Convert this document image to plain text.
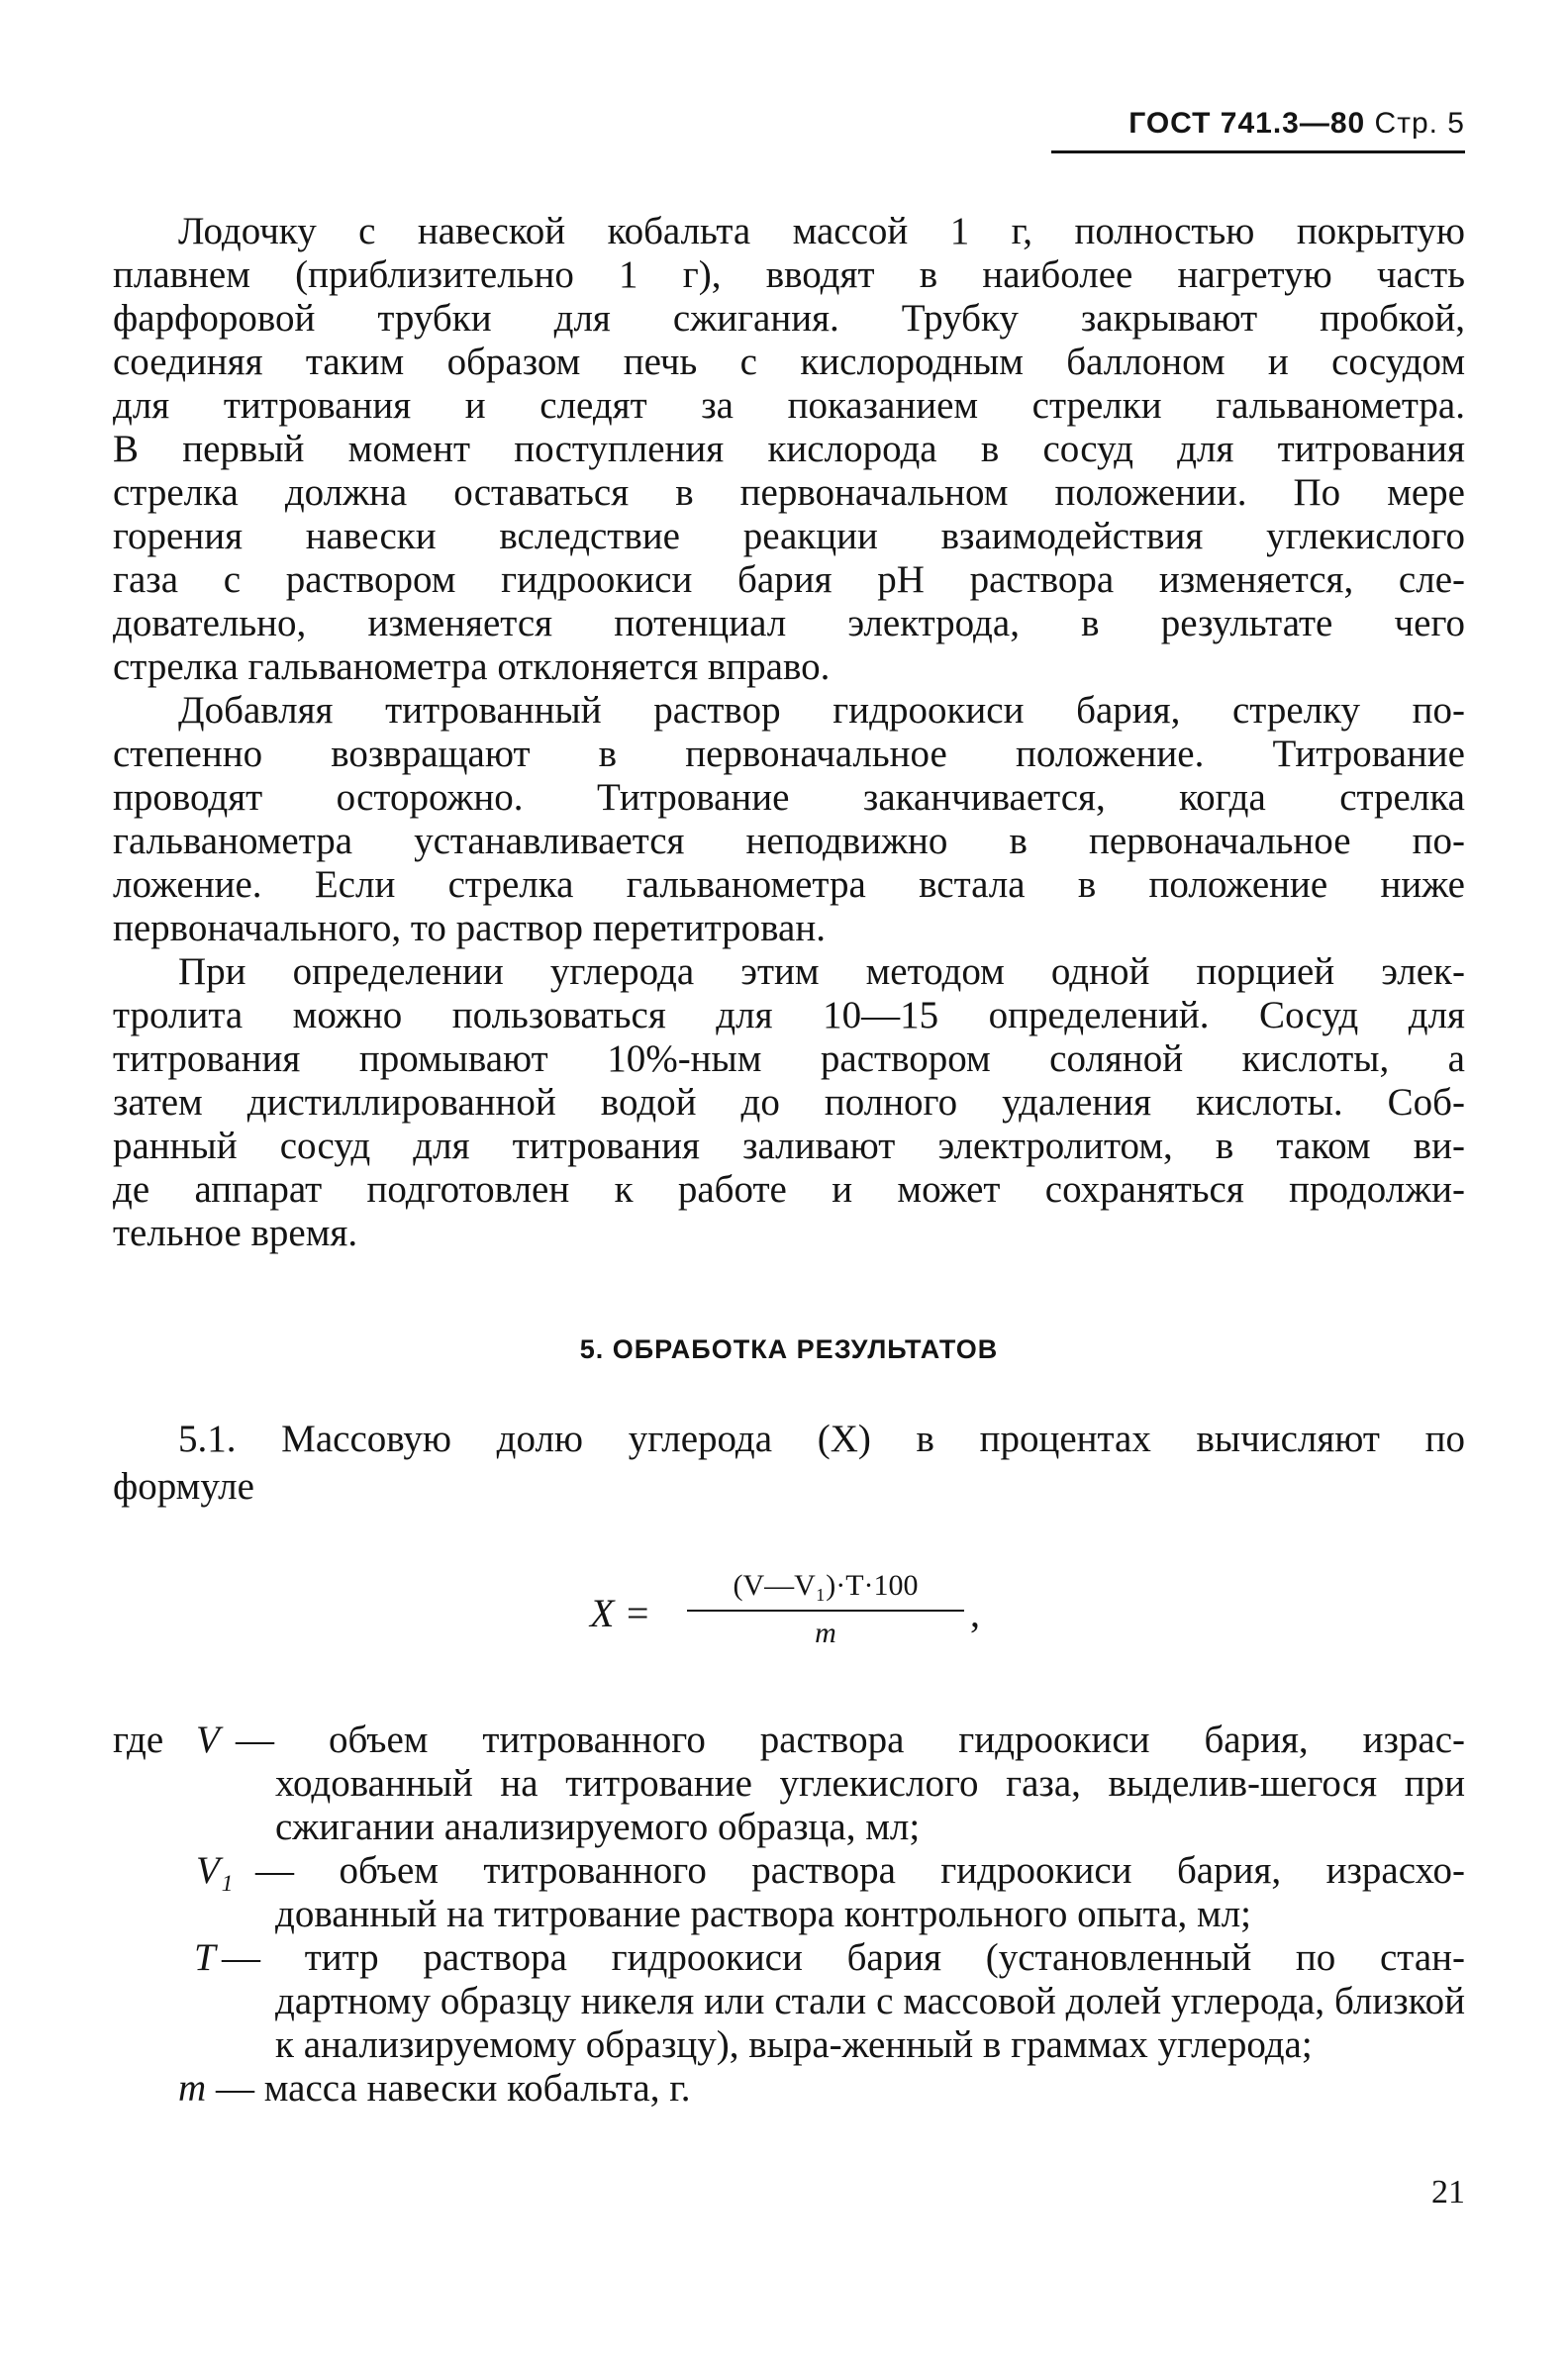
ГОСТ 741.3—80 Стр. 5
Лодочку с навеской кобальта массой 1 г, полностью покрытую
плавнем (приблизительно 1 г), вводят в наиболее нагретую часть
фарфоровой трубки для сжигания. Трубку закрывают пробкой,
соединяя таким образом печь с кислородным баллоном и сосудом
для титрования и следят за показанием стрелки гальванометра.
В первый момент поступления кислорода в сосуд для титрования
стрелка должна оставаться в первоначальном положении. По мере
горения навески вследствие реакции взаимодействия углекислого
газа с раствором гидроокиси бария pH раствора изменяется, сле-
довательно, изменяется потенциал электрода, в результате чего
стрелка гальванометра отклоняется вправо.
Добавляя титрованный раствор гидроокиси бария, стрелку по-
степенно возвращают в первоначальное положение. Титрование
проводят осторожно. Титрование заканчивается, когда стрелка
гальванометра устанавливается неподвижно в первоначальное по-
ложение. Если стрелка гальванометра встала в положение ниже
первоначального, то раствор перетитрован.
При определении углерода этим методом одной порцией элек-
тролита можно пользоваться для 10—15 определений. Сосуд для
титрования промывают 10%-ным раствором соляной кислоты, а
затем дистиллированной водой до полного удаления кислоты. Соб-
ранный сосуд для титрования заливают электролитом, в таком ви-
де аппарат подготовлен к работе и может сохраняться продолжи-
тельное время.
5. ОБРАБОТКА РЕЗУЛЬТАТОВ
5.1. Массовую долю углерода (X) в процентах вычисляют по
формуле
X =
(V—V₁)·T·100
m	,
где V — объем титрованного раствора гидроокиси бария, израс-
ходованный на титрование углекислого газа, выделив-шегося при сжигании анализируемого образца, мл;
V₁ — объем титрованного раствора гидроокиси бария, израсхо-
дованный на титрование раствора контрольного опыта, мл;
T — титр раствора гидроокиси бария (установленный по стан-
дартному образцу никеля или стали с массовой долей углерода, близкой к анализируемому образцу), выра-женный в граммах углерода;
m — масса навески кобальта, г.
21
